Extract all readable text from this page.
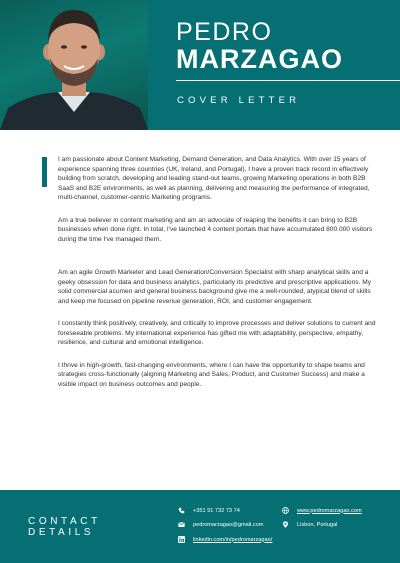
PEDRO
MARZAGAO
COVER LETTER

I am passionate about Content Marketing, Demand Generation, and Data Analytics. With over 15 years of experience spanning three countries (UK, Ireland, and Portugal), I have a proven track record in effectively building from scratch, developing and leading stand-out teams, growing Marketing operations in both B2B SaaS and B2E environments, as well as planning, delivering and measuring the performance of integrated, multi-channel, customer-centric Marketing programs.

Am a true believer in content marketing and am an advocate of reaping the benefits it can bring to B2B businesses when done right. In total, I've launched 4 content portals that have accumulated 800.000 visitors during the time I've managed them.

Am an agile Growth Marketer and Lead Generation/Conversion Specialist with sharp analytical skills and a geeky obsession for data and business analytics, particularly its predictive and prescriptive applications. My solid commercial acumen and general business background give me a well-rounded, atypical blend of skills and keep me focused on pipeline revenue generation, ROI, and customer engagement.

I constantly think positively, creatively, and critically to improve processes and deliver solutions to current and foreseeable problems. My international experience has gifted me with adaptability, perspective, empathy, resilience, and cultural and emotional intelligence.

I thrive in high-growth, fast-changing environments, where I can have the opportunity to shape teams and strategies cross-functionally (aligning Marketing and Sales, Product, and Customer Success) and make a visible impact on business outcomes and people.

CONTACT
DETAILS
+351 91 732 73 74	www.pedromarzagao.com
pedromarzagao@gmail.com	Lisbon, Portugal
linkedin.com/in/pedromarzagao/
